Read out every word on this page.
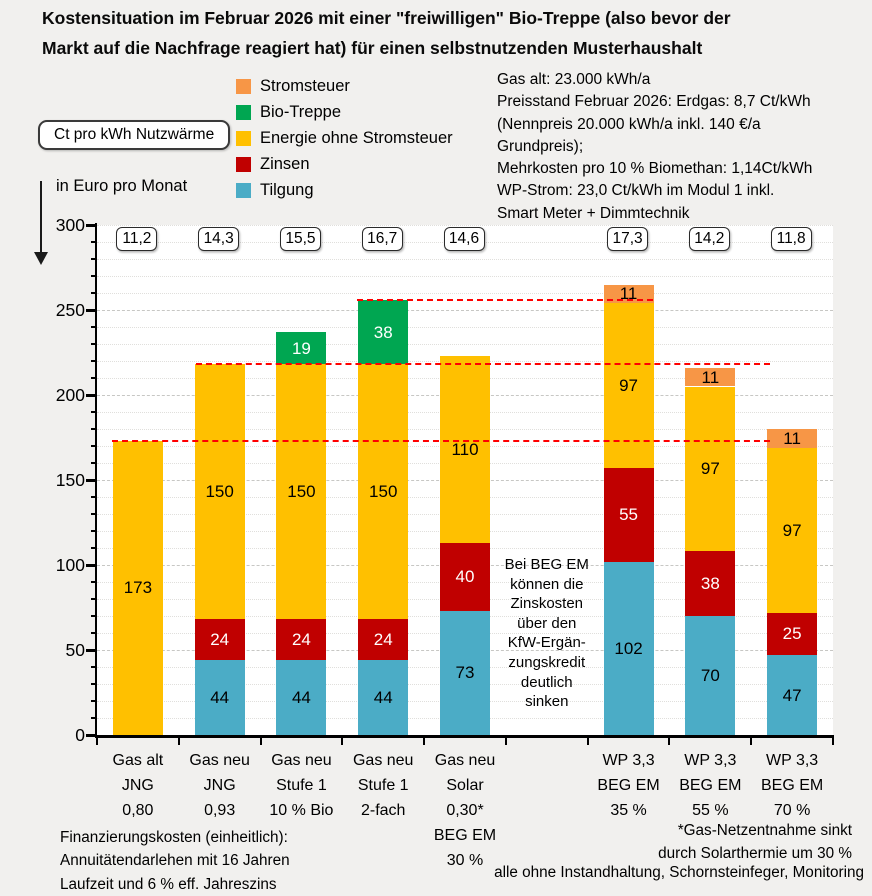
Kostensituation im Februar 2026 mit einer "freiwilligen" Bio-Treppe (also bevor der
Markt auf die Nachfrage reagiert hat) für einen selbstnutzenden Musterhaushalt
Ct pro kWh Nutzwärme
Stromsteuer
Bio-Treppe
Energie ohne Stromsteuer
Zinsen
Tilgung
Gas alt: 23.000 kWh/a
Preisstand Februar 2026: Erdgas: 8,7 Ct/kWh
(Nennpreis 20.000 kWh/a inkl. 140 €/a
Grundpreis);
Mehrkosten pro 10 % Biomethan: 1,14Ct/kWh
WP-Strom: 23,0 Ct/kWh im Modul 1 inkl.
Smart Meter + Dimmtechnik
in Euro pro Monat
0
50
100
150
200
250
300
173
11,2
Gas alt
JNG
0,80
44
24
150
14,3
Gas neu
JNG
0,93
44
24
150
19
15,5
Gas neu
Stufe 1
10 % Bio
44
24
150
38
16,7
Gas neu
Stufe 1
2-fach
73
40
110
14,6
Gas neu
Solar
0,30*
BEG EM
30 %
102
55
97
11
17,3
WP 3,3
BEG EM
35 %
70
38
97
11
14,2
WP 3,3
BEG EM
55 %
47
25
97
11
11,8
WP 3,3
BEG EM
70 %
Bei BEG EM
können die
Zinskosten
über den
KfW-Ergän-
zungskredit
deutlich
sinken
Finanzierungskosten (einheitlich):
Annuitätendarlehen mit 16 Jahren
Laufzeit und 6 % eff. Jahreszins
*Gas-Netzentnahme sinkt
durch Solarthermie um 30 %
alle ohne Instandhaltung, Schornsteinfeger, Monitoring
